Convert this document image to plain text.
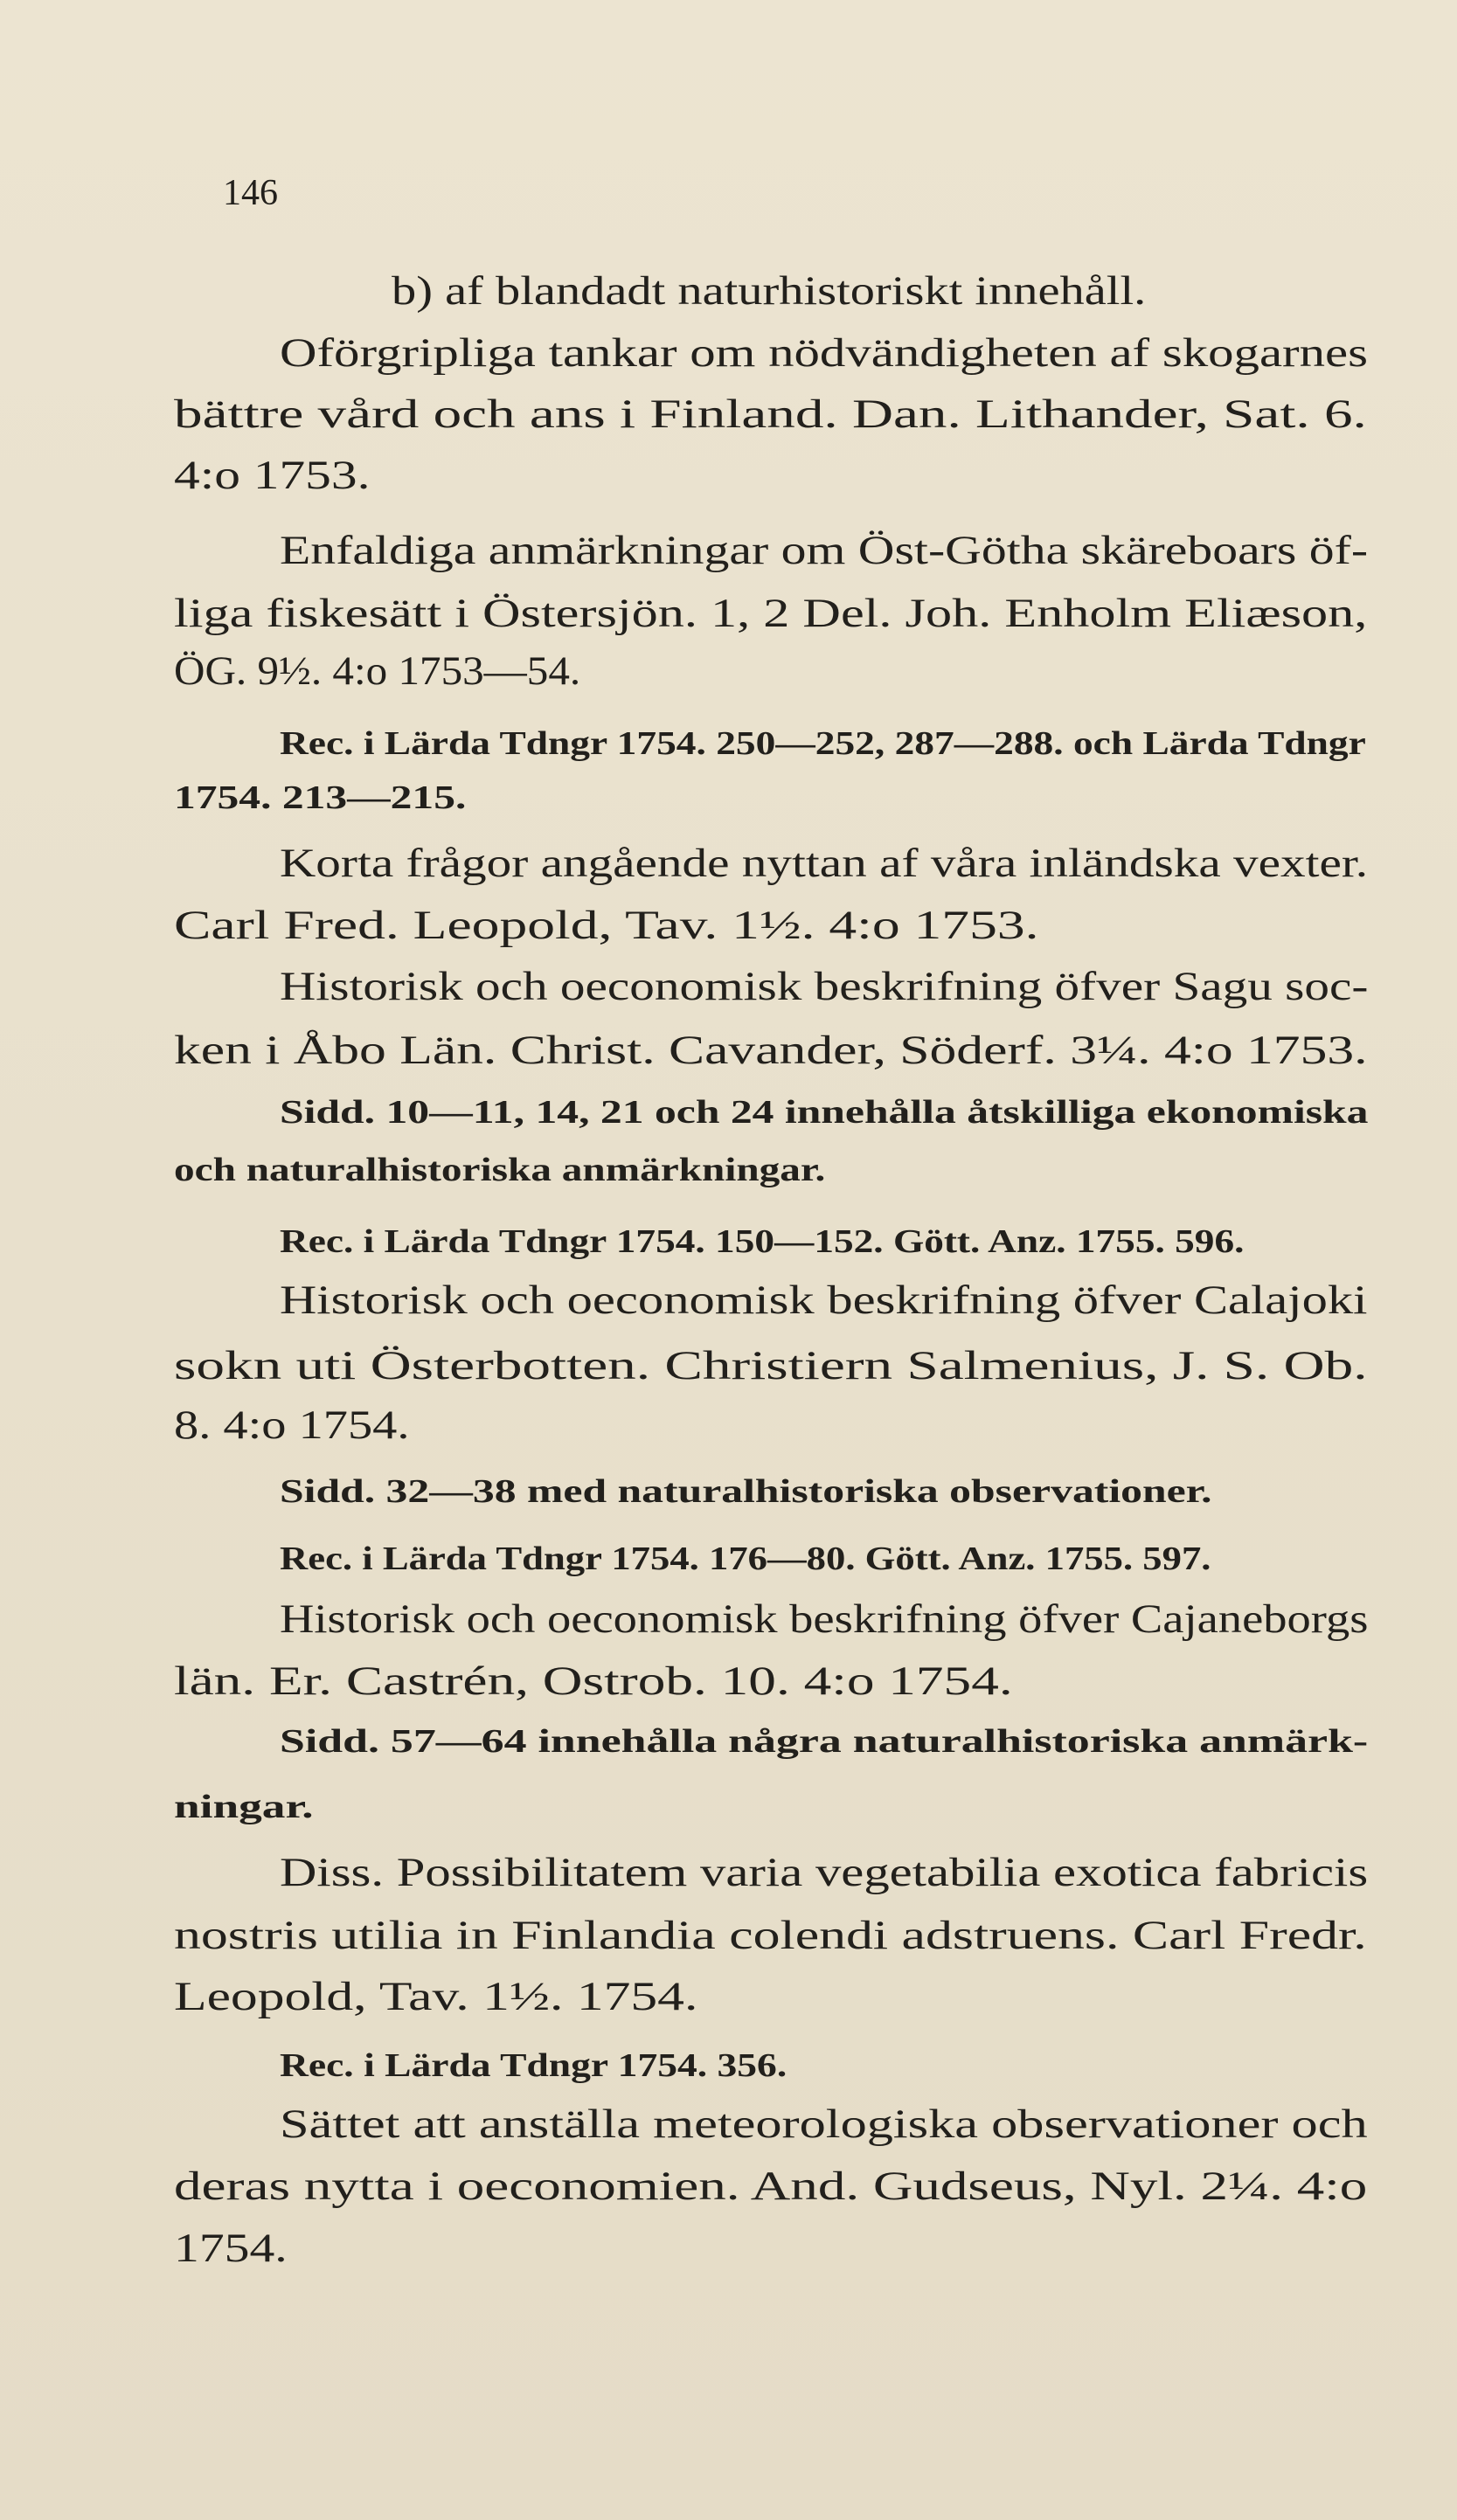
146
b) af blandadt naturhistoriskt innehåll.
Oförgripliga tankar om nödvändigheten af skogarnes
bättre vård och ans i Finland. Dan. Lithander, Sat. 6.
4:o 1753.
Enfaldiga anmärkningar om Öst-Götha skäreboars öf-
liga fiskesätt i Östersjön. 1, 2 Del. Joh. Enholm Eliæson,
ÖG. 9½. 4:o 1753—54.
Rec. i Lärda Tdngr 1754. 250—252, 287—288. och Lärda Tdngr
1754. 213—215.
Korta frågor angående nyttan af våra inländska vexter.
Carl Fred. Leopold, Tav. 1½. 4:o 1753.
Historisk och oeconomisk beskrifning öfver Sagu soc-
ken i Åbo Län. Christ. Cavander, Söderf. 3¼. 4:o 1753.
Sidd. 10—11, 14, 21 och 24 innehålla åtskilliga ekonomiska
och naturalhistoriska anmärkningar.
Rec. i Lärda Tdngr 1754. 150—152. Gött. Anz. 1755. 596.
Historisk och oeconomisk beskrifning öfver Calajoki
sokn uti Österbotten. Christiern Salmenius, J. S. Ob.
8. 4:o 1754.
Sidd. 32—38 med naturalhistoriska observationer.
Rec. i Lärda Tdngr 1754. 176—80. Gött. Anz. 1755. 597.
Historisk och oeconomisk beskrifning öfver Cajaneborgs
län. Er. Castrén, Ostrob. 10. 4:o 1754.
Sidd. 57—64 innehålla några naturalhistoriska anmärk-
ningar.
Diss. Possibilitatem varia vegetabilia exotica fabricis
nostris utilia in Finlandia colendi adstruens. Carl Fredr.
Leopold, Tav. 1½. 1754.
Rec. i Lärda Tdngr 1754. 356.
Sättet att anställa meteorologiska observationer och
deras nytta i oeconomien. And. Gudseus, Nyl. 2¼. 4:o
1754.
